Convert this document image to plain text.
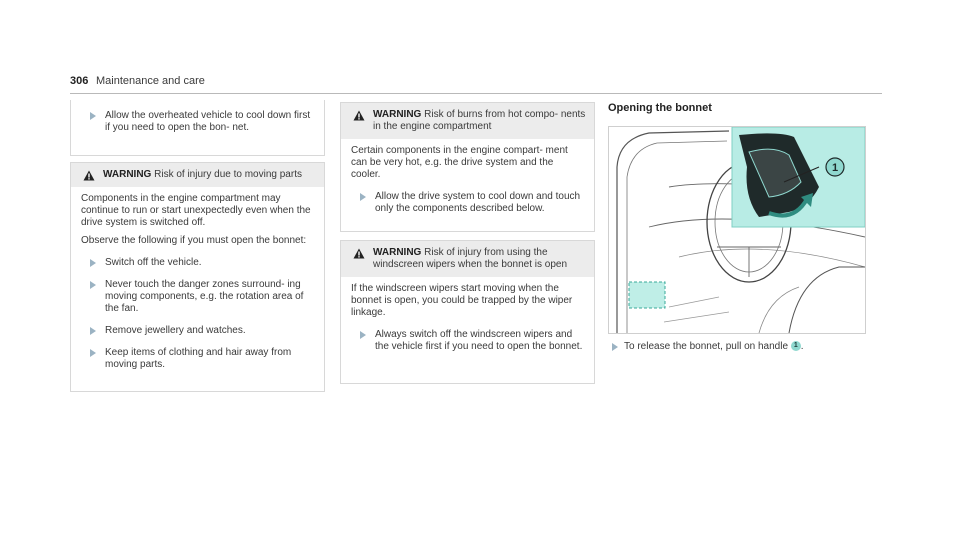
306 Maintenance and care
Allow the overheated vehicle to cool down first if you need to open the bon‑ net.
WARNING Risk of injury due to moving parts

Components in the engine compartment may continue to run or start unexpectedly even when the drive system is switched off.

Observe the following if you must open the bonnet:

Switch off the vehicle.
Never touch the danger zones surround‑ ing moving components, e.g. the rotation area of the fan.
Remove jewellery and watches.
Keep items of clothing and hair away from moving parts.
WARNING Risk of burns from hot compo‑ nents in the engine compartment

Certain components in the engine compart‑ ment can be very hot, e.g. the drive system and the cooler.

Allow the drive system to cool down and touch only the components described below.
WARNING Risk of injury from using the windscreen wipers when the bonnet is open

If the windscreen wipers start moving when the bonnet is open, you could be trapped by the wiper linkage.

Always switch off the windscreen wipers and the vehicle first if you need to open the bonnet.
Opening the bonnet
1
To release the bonnet, pull on handle 1 .
